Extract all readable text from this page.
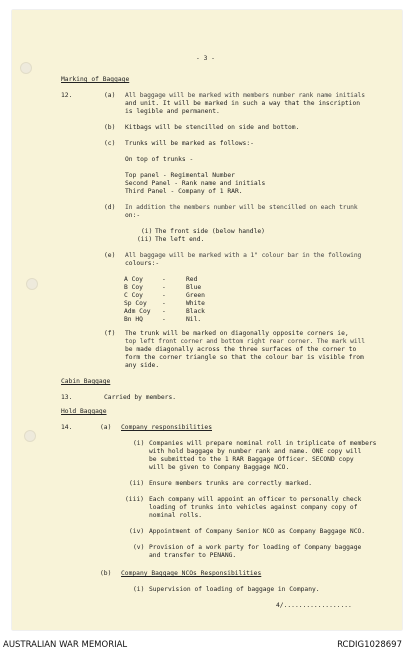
- 3 -
Marking of Baggage
12.	(a) All baggage will be marked with members number rank name initials
and unit. It will be marked in such a way that the inscription
is legible and permanent.
(b) Kitbags will be stencilled on side and bottom.
(c) Trunks will be marked as follows:-
On top of trunks -
Top panel - Regimental Number
Second Panel - Rank name and initials
Third Panel - Company of 1 RAR.
(d) In addition the members number will be stencilled on each trunk
on:-
(i) The front side (below handle)
(ii) The left end.
(e) All baggage will be marked with a 1" colour bar in the following
colours:-
A Coy	-	Red
B Coy	-	Blue
C Coy	-	Green
Sp Coy -	White
Adm Coy -	Black
Bn HQ	-	Nil.
(f) The trunk will be marked on diagonally opposite corners ie,
top left front corner and bottom right rear corner. The mark will
be made diagonally across the three surfaces of the corner to
form the corner triangle so that the colour bar is visible from
any side.
Cabin Baggage
13.	Carried by members.
Hold Baggage
14.	(a) Company responsibilities
(i) Companies will prepare nominal roll in triplicate of members
with hold baggage by number rank and name. ONE copy will
be submitted to the 1 RAR Baggage Officer. SECOND copy
will be given to Company Baggage NCO.
(ii) Ensure members trunks are correctly marked.
(iii) Each company will appoint an officer to personally check
loading of trunks into vehicles against company copy of
nominal rolls.
(iv) Appointment of Company Senior NCO as Company Baggage NCO.
(v) Provision of a work party for loading of Company baggage
and transfer to PENANG.
(b) Company Baggage NCOs Responsibilities
(i) Supervision of loading of baggage in Company.
4/..................
AUSTRALIAN WAR MEMORIAL	RCDIG1028697
